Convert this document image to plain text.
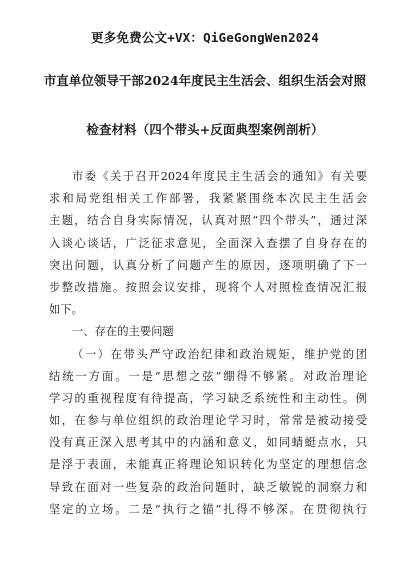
更多免费公文+VX：QiGeGongWen2024
市直单位领导干部2024年度民主生活会、组织生活会对照
检查材料（四个带头+反面典型案例剖析）
市委《关于召开2024年度民主生活会的通知》有关要
求和局党组相关工作部署，我紧紧围绕本次民主生活会
主题，结合自身实际情况，认真对照“四个带头”，通过深
入谈心谈话，广泛征求意见，全面深入查摆了自身存在的
突出问题，认真分析了问题产生的原因，逐项明确了下一
步整改措施。按照会议安排，现将个人对照检查情况汇报
如下。
一、存在的主要问题
（一）在带头严守政治纪律和政治规矩，维护党的团
结统一方面。一是“思想之弦”绷得不够紧。对政治理论
学习的重视程度有待提高，学习缺乏系统性和主动性。例
如，在参与单位组织的政治理论学习时，常常是被动接受
没有真正深入思考其中的内涵和意义，如同蜻蜓点水，只
是浮于表面，未能真正将理论知识转化为坚定的理想信念
导致在面对一些复杂的政治问题时，缺乏敏锐的洞察力和
坚定的立场。二是“执行之锚”扎得不够深。在贯彻执行
